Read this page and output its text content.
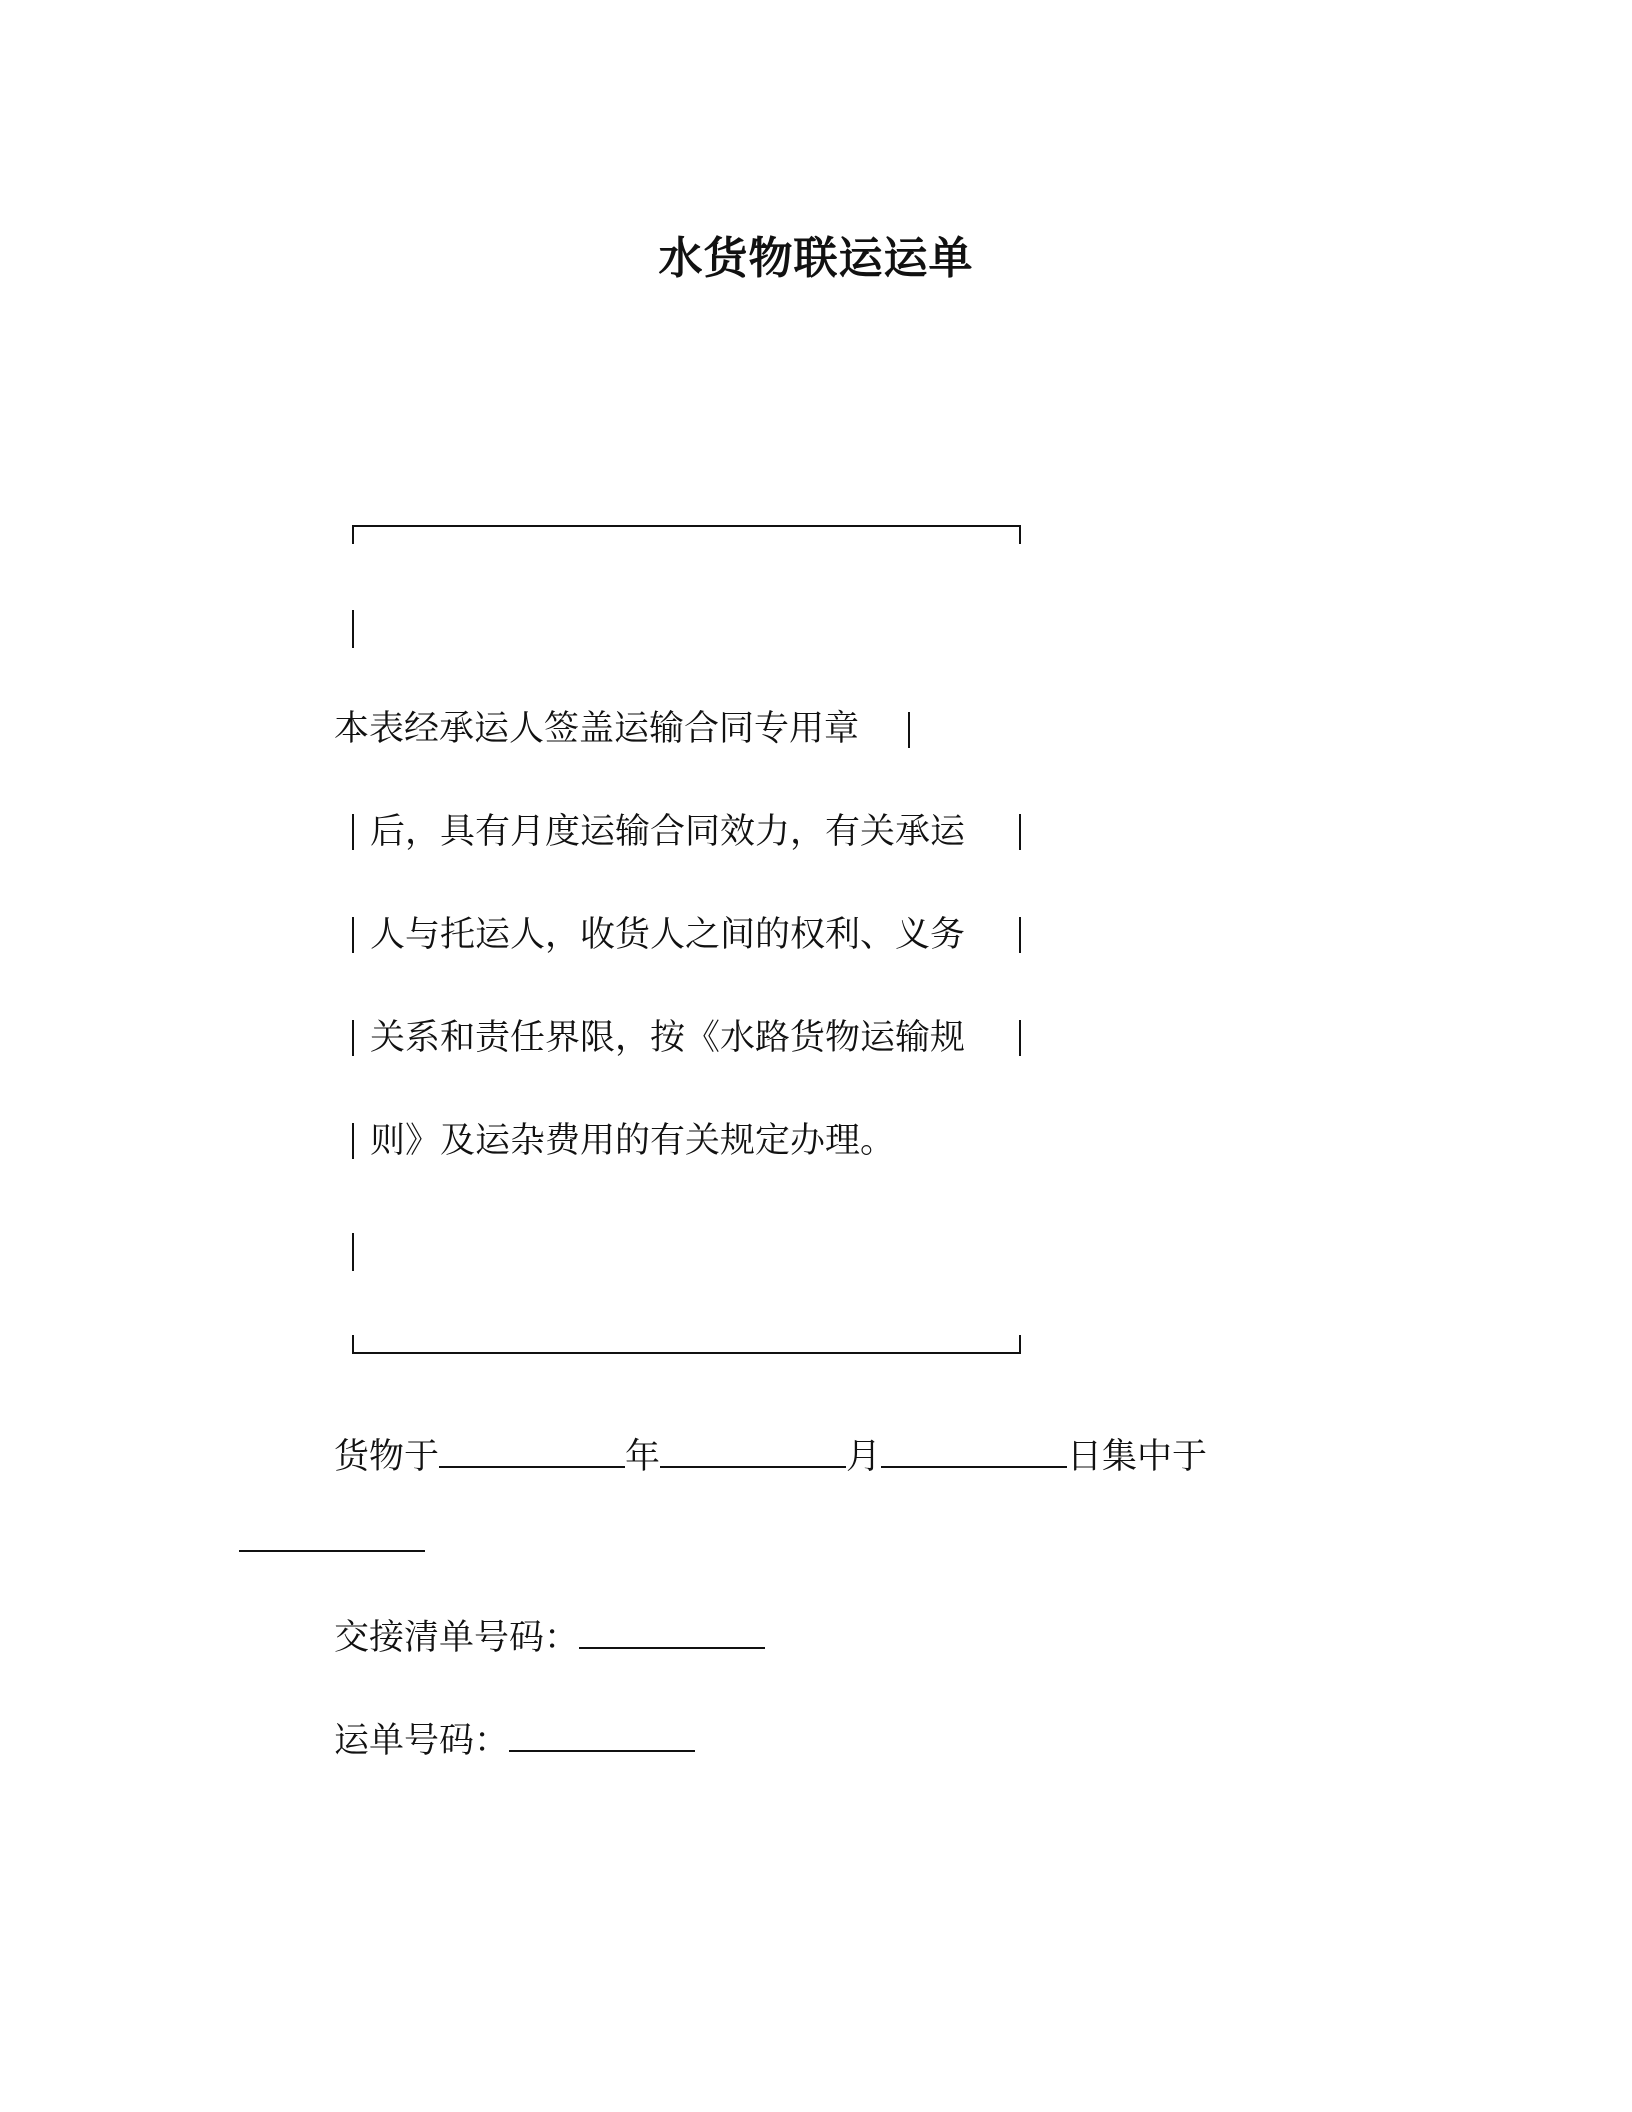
水货物联运运单
本表经承运人签盖运输合同专用章
后，具有月度运输合同效力，有关承运
人与托运人，收货人之间的权利、义务
关系和责任界限，按《水路货物运输规
则》及运杂费用的有关规定办理。
货物于	年	月	日集中于
交接清单号码：
运单号码：
